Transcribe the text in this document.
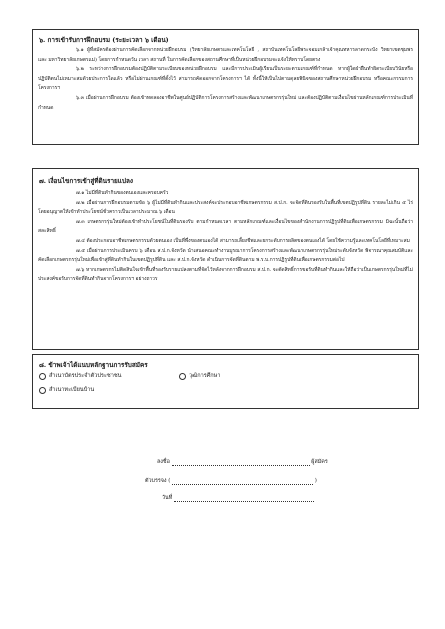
๖. การเข้ารับการฝึกอบรม (ระยะเวลา ๖ เดือน)

๖.๑ ผู้ที่สมัครต้องผ่านการคัดเลือกจากหน่วยฝึกอบรม (วิทยาลัยเกษตรและเทคโนโลยี , สถาบันเทคโนโลยีพระจอมเกล้าเจ้าคุณทหารลาดกระบัง วิทยาเขตชุมพร และ มหาวิทยาลัยเกษตรแม่) โดยการกำหนดวัน เวลา สถานที่ ในการคัดเลือกของสถานศึกษาที่เป็นหน่วยฝึกอบรมจะแจ้งให้ทราบโดยตรง

๖.๒ ระหว่างการฝึกอบรมต้องปฏิบัติตามระเบียบของหน่วยฝึกอบรม และมีการประเมินผู้เรียนเป็นระยะตามเกณฑ์ที่กำหนด หากผู้ใดฝ่าฝืนทำผิดระเบียบวินัยหรือปฏิบัติตนไม่เหมาะสมด้วยประการใดแล้ว หรือไม่ผ่านเกณฑ์ที่ตั้งไว้ สามารถคัดออกจากโครงการฯ ได้ ทั้งนี้ให้เป็นไปตามดุลยพินิจของสถานศึกษาหน่วยฝึกอบรม หรือคณะกรรมการโครงการฯ

๖.๓ เมื่อผ่านการฝึกอบรม ต้องเข้าทดลองอาชีพในศูนย์ปฏิบัติการโครงการสร้างและพัฒนาเกษตรกรรุ่นใหม่ และต้องปฏิบัติตามเงื่อนไขผ่านหลักเกณฑ์การประเมินที่กำหนด

๗. เงื่อนไขการเข้าสู่ที่ดินรายแปลง

๗.๑ ไม่มีที่ดินทำกินของตนเองและครอบครัว

๗.๒ เมื่อผ่านการฝึกอบรมตามข้อ ๖ ผู้ไม่มีที่ดินทำกินและประสงค์จะประกอบอาชีพเกษตรกรรม ส.ป.ก. จะจัดที่ดินรองรับในพื้นที่เขตปฏิรูปที่ดิน รายละไม่เกิน ๕ ไร่ โดยอนุญาตให้เข้าทำประโยชน์ชั่วคราวเป็นเวลาประมาณ ๖ เดือน

๗.๓ เกษตรกรรุ่นใหม่ต้องเข้าทำประโยชน์ในที่ดินรองรับ ตามกำหนดเวลา ตามหลักเกณฑ์และเงื่อนไขของสำนักงานการปฏิรูปที่ดินเพื่อเกษตรกรรม มิฉะนั้นถือว่าสละสิทธิ์

๗.๔ ต้องประกอบอาชีพเกษตรกรรมด้วยตนเอง เป็นที่พึ่งของตนเองได้ สามารถเลี้ยงชีพและยกระดับการผลิตของตนเองได้ โดยใช้ความรู้และเทคโนโลยีที่เหมาะสม

๗.๕ เมื่อผ่านการประเมินครบ ๖ เดือน ส.ป.ก.จังหวัด นำเสนอคณะทำงานบูรณาการโครงการสร้างและพัฒนาเกษตรกรรุ่นใหม่ระดับจังหวัด พิจารณาคุณสมบัติและคัดเลือกเกษตรกรรุ่นใหม่เพื่อเข้าสู่ที่ดินทำกินในเขตปฏิรูปที่ดิน และ ส.ป.ก.จังหวัด ดำเนินการจัดที่ดินตาม พ.ร.บ.การปฏิรูปที่ดินเพื่อเกษตรกรรมต่อไป

๗.๖ หากเกษตรกรไม่ติดสินใจเข้าพื้นที่รองรับรายแปลงตามที่จัดไว้หลังจากการฝึกอบรม ส.ป.ก. จะตัดสิทธิ์การขอรับที่ดินทำกินและให้ถือว่าเป็นเกษตรกรรุ่นใหม่ที่ไม่ประสงค์ขอรับการจัดที่ดินทำกินจากโครงการฯ อย่างถาวร

๘. ข้าพเจ้าได้แนบหลักฐานการรับสมัคร
สำเนาบัตรประจำตัวประชาชน	วุฒิการศึกษา
สำเนาทะเบียนบ้าน
ลงชื่อ	ผู้สมัคร
ตัวบรรจง (	)
วันที่
